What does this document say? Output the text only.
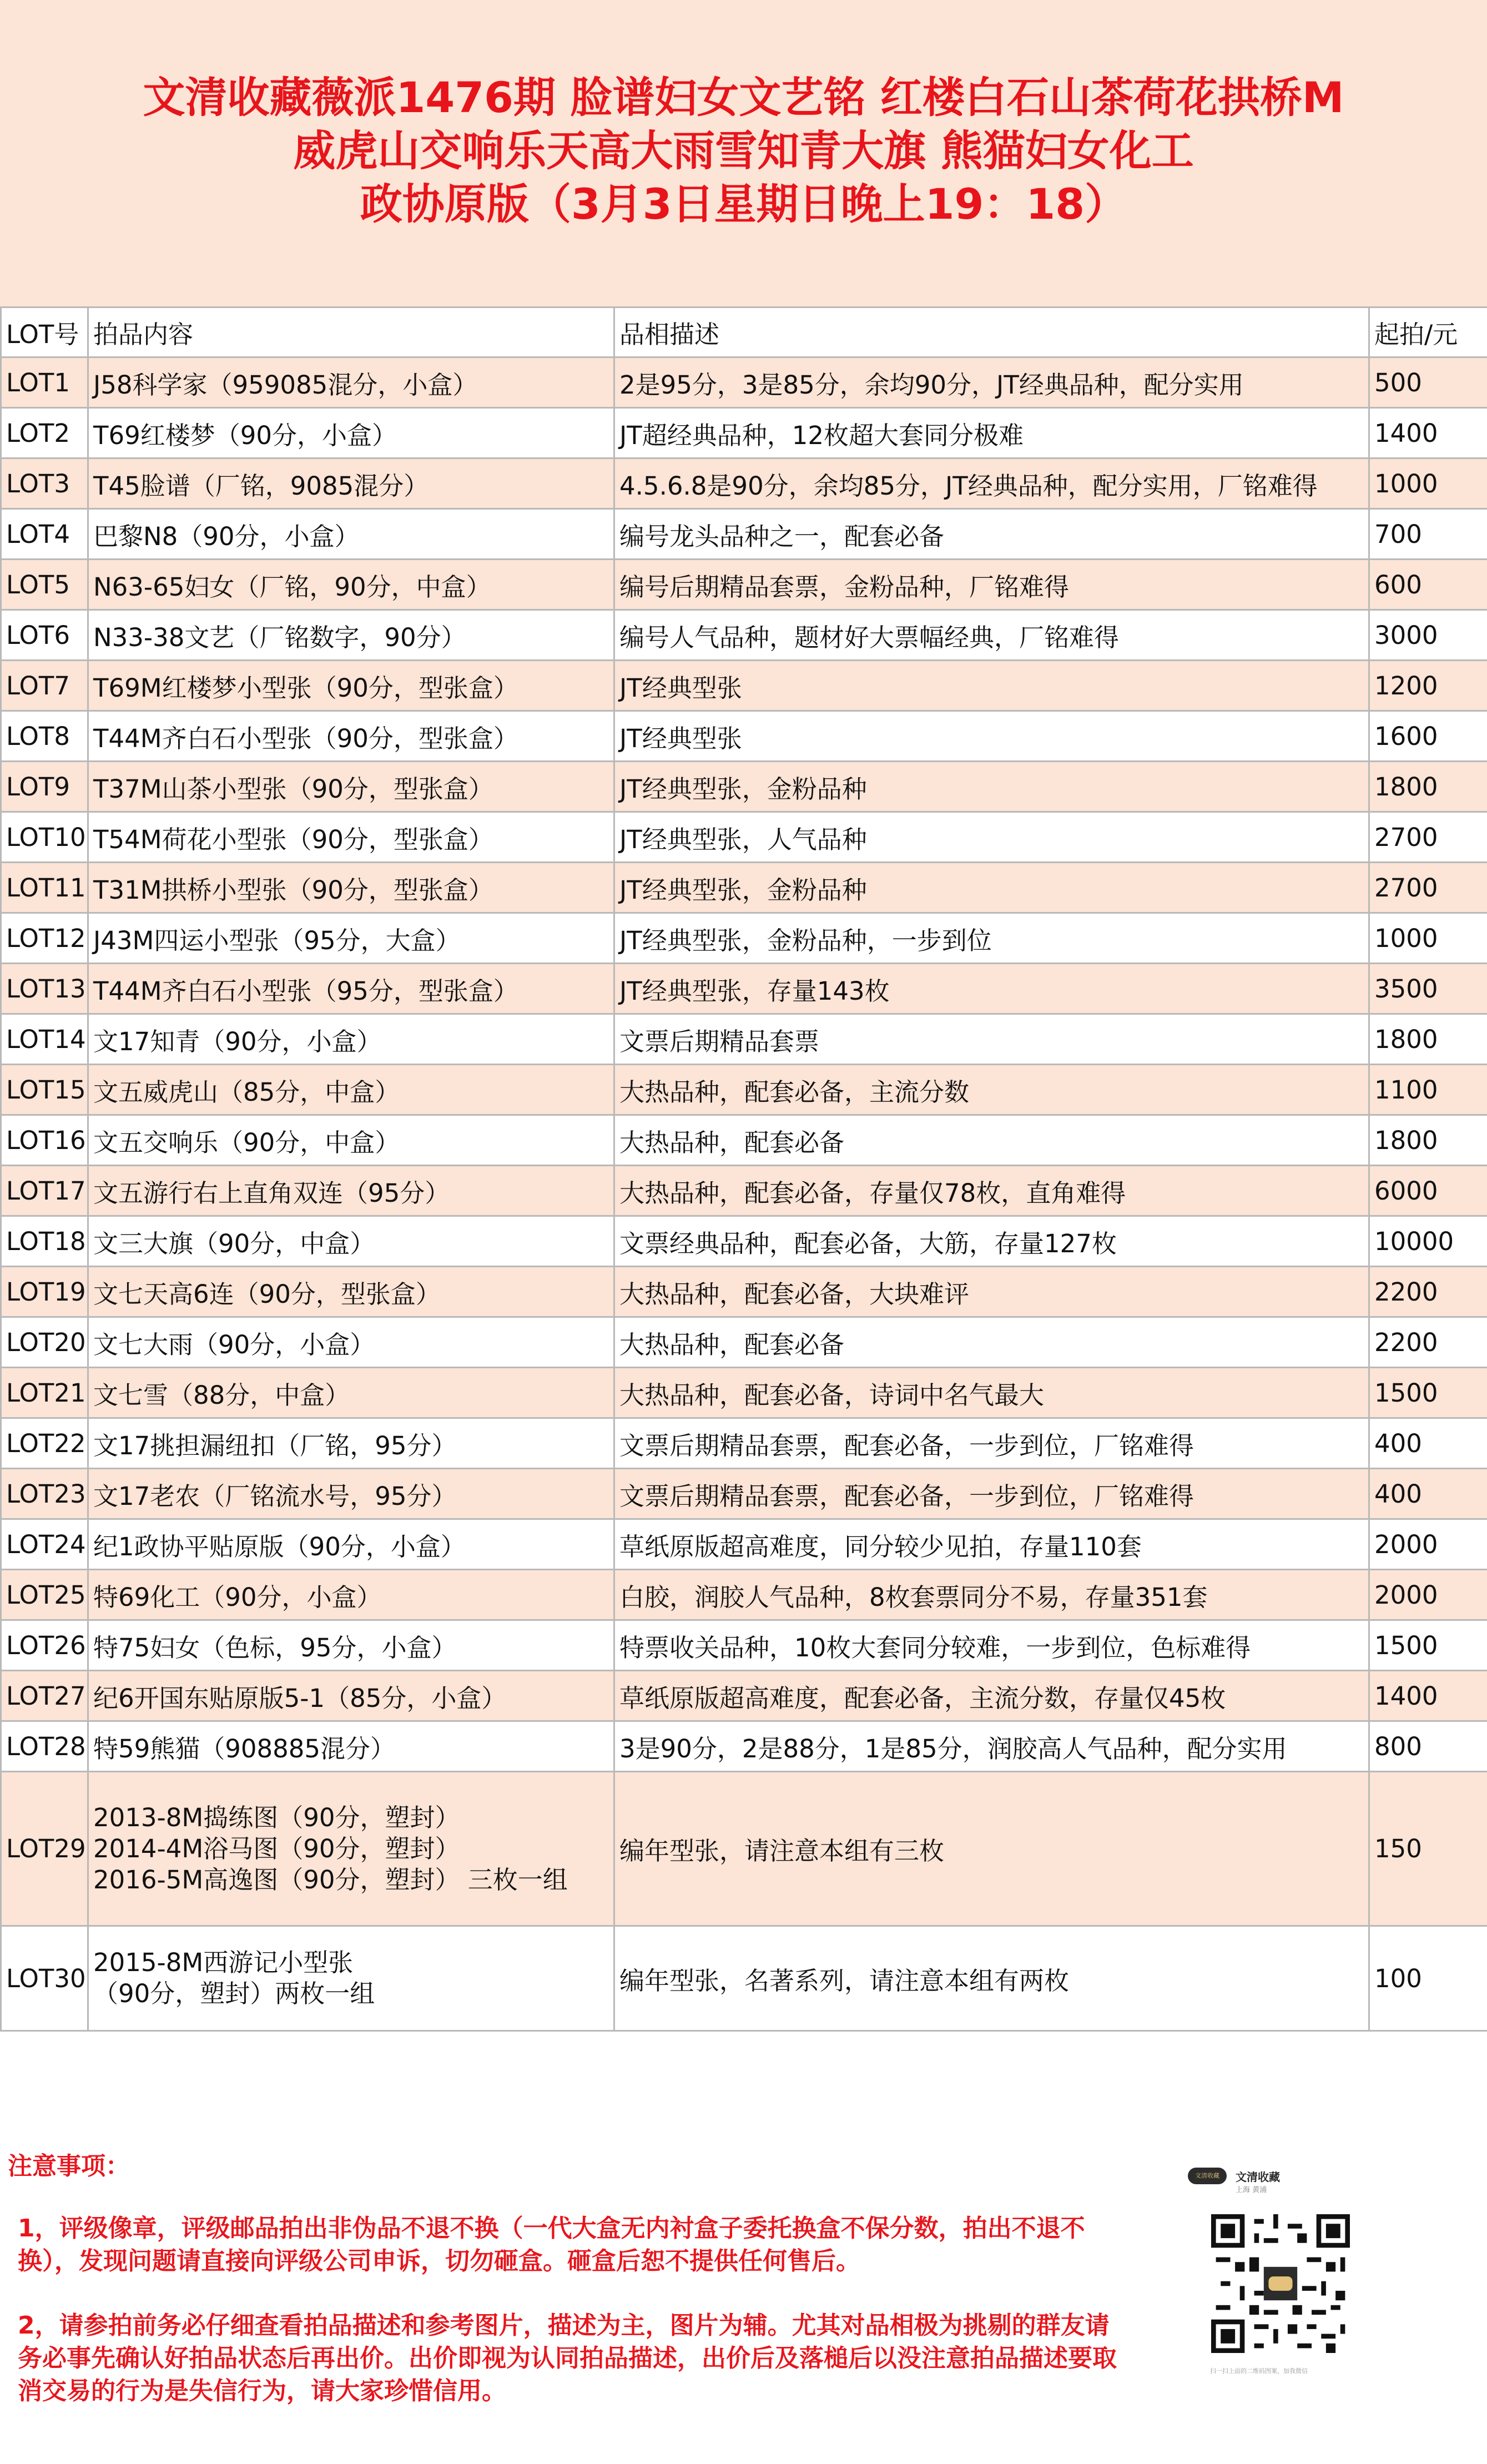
文清收藏薇派1476期 脸谱妇女文艺铭 红楼白石山茶荷花拱桥M
威虎山交响乐天高大雨雪知青大旗 熊猫妇女化工
政协原版（3月3日星期日晚上19：18）
LOT号	拍品内容	品相描述	起拍/元
LOT1	J58科学家（959085混分，小盒）	2是95分，3是85分，余均90分，JT经典品种，配分实用	500
LOT2	T69红楼梦（90分，小盒）	JT超经典品种，12枚超大套同分极难	1400
LOT3	T45脸谱（厂铭，9085混分）	4.5.6.8是90分，余均85分，JT经典品种，配分实用，厂铭难得	1000
LOT4	巴黎N8（90分，小盒）	编号龙头品种之一，配套必备	700
LOT5	N63-65妇女（厂铭，90分，中盒）	编号后期精品套票，金粉品种，厂铭难得	600
LOT6	N33-38文艺（厂铭数字，90分）	编号人气品种，题材好大票幅经典，厂铭难得	3000
LOT7	T69M红楼梦小型张（90分，型张盒）	JT经典型张	1200
LOT8	T44M齐白石小型张（90分，型张盒）	JT经典型张	1600
LOT9	T37M山茶小型张（90分，型张盒）	JT经典型张，金粉品种	1800
LOT10	T54M荷花小型张（90分，型张盒）	JT经典型张，人气品种	2700
LOT11	T31M拱桥小型张（90分，型张盒）	JT经典型张，金粉品种	2700
LOT12	J43M四运小型张（95分，大盒）	JT经典型张，金粉品种，一步到位	1000
LOT13	T44M齐白石小型张（95分，型张盒）	JT经典型张，存量143枚	3500
LOT14	文17知青（90分，小盒）	文票后期精品套票	1800
LOT15	文五威虎山（85分，中盒）	大热品种，配套必备，主流分数	1100
LOT16	文五交响乐（90分，中盒）	大热品种，配套必备	1800
LOT17	文五游行右上直角双连（95分）	大热品种，配套必备，存量仅78枚，直角难得	6000
LOT18	文三大旗（90分，中盒）	文票经典品种，配套必备，大筋，存量127枚	10000
LOT19	文七天高6连（90分，型张盒）	大热品种，配套必备，大块难评	2200
LOT20	文七大雨（90分，小盒）	大热品种，配套必备	2200
LOT21	文七雪（88分，中盒）	大热品种，配套必备，诗词中名气最大	1500
LOT22	文17挑担漏纽扣（厂铭，95分）	文票后期精品套票，配套必备，一步到位，厂铭难得	400
LOT23	文17老农（厂铭流水号，95分）	文票后期精品套票，配套必备，一步到位，厂铭难得	400
LOT24	纪1政协平贴原版（90分，小盒）	草纸原版超高难度，同分较少见拍，存量110套	2000
LOT25	特69化工（90分，小盒）	白胶，润胶人气品种，8枚套票同分不易，存量351套	2000
LOT26	特75妇女（色标，95分，小盒）	特票收关品种，10枚大套同分较难，一步到位，色标难得	1500
LOT27	纪6开国东贴原版5-1（85分，小盒）	草纸原版超高难度，配套必备，主流分数，存量仅45枚	1400
LOT28	特59熊猫（908885混分）	3是90分，2是88分，1是85分，润胶高人气品种，配分实用	800
LOT29	2013-8M捣练图（90分，塑封）
2014-4M浴马图（90分，塑封）
2016-5M高逸图（90分，塑封） 三枚一组	编年型张，请注意本组有三枚	150
LOT30	2015-8M西游记小型张
（90分，塑封）两枚一组	编年型张，名著系列，请注意本组有两枚	100
注意事项：
1，评级像章，评级邮品拍出非伪品不退不换（一代大盒无内衬盒子委托换盒不保分数，拍出不退不换），发现问题请直接向评级公司申诉，切勿砸盒。砸盒后恕不提供任何售后。
2，请参拍前务必仔细查看拍品描述和参考图片，描述为主，图片为辅。尤其对品相极为挑剔的群友请务必事先确认好拍品状态后再出价。出价即视为认同拍品描述，出价后及落槌后以没注意拍品描述要取消交易的行为是失信行为，请大家珍惜信用。
文清收藏	文清收藏
上海 黄浦
扫一扫上面的二维码图案，加我微信
